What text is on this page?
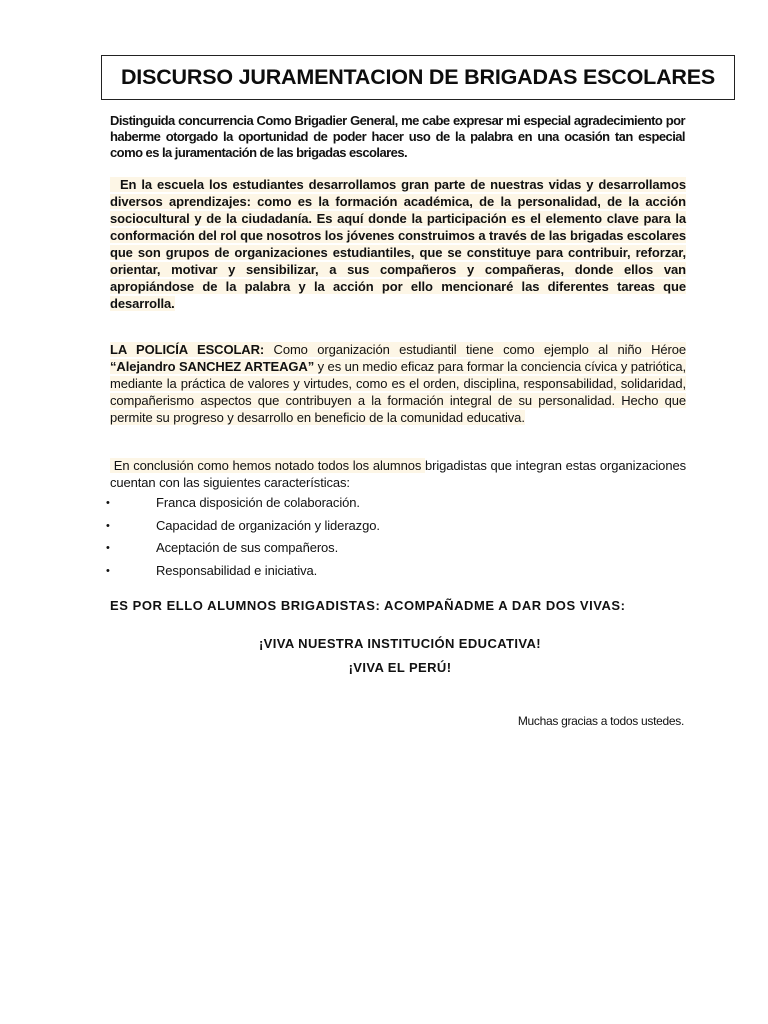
DISCURSO JURAMENTACION DE BRIGADAS ESCOLARES
Distinguida concurrencia Como Brigadier General, me cabe expresar mi especial agradecimiento por haberme otorgado la oportunidad de poder hacer uso de la palabra en una ocasión tan especial como es la juramentación de las brigadas escolares.
En la escuela los estudiantes desarrollamos gran parte de nuestras vidas y desarrollamos diversos aprendizajes: como es la formación académica, de la personalidad, de la acción sociocultural y de la ciudadanía. Es aquí donde la participación es el elemento clave para la conformación del rol que nosotros los jóvenes construimos a través de las brigadas escolares que son grupos de organizaciones estudiantiles, que se constituye para contribuir, reforzar, orientar, motivar y sensibilizar, a sus compañeros y compañeras, donde ellos van apropiándose de la palabra y la acción por ello mencionaré las diferentes tareas que desarrolla.
LA POLICÍA ESCOLAR: Como organización estudiantil tiene como ejemplo al niño Héroe “Alejandro SANCHEZ ARTEAGA” y es un medio eficaz para formar la conciencia cívica y patriótica, mediante la práctica de valores y virtudes, como es el orden, disciplina, responsabilidad, solidaridad, compañerismo aspectos que contribuyen a la formación integral de su personalidad. Hecho que permite su progreso y desarrollo en beneficio de la comunidad educativa.
En conclusión como hemos notado todos los alumnos brigadistas que integran estas organizaciones cuentan con las siguientes características:
•	Franca disposición de colaboración.
•	Capacidad de organización y liderazgo.
•	Aceptación de sus compañeros.
•	Responsabilidad e iniciativa.
ES POR ELLO ALUMNOS BRIGADISTAS: ACOMPAÑADME A DAR DOS VIVAS:
¡VIVA NUESTRA INSTITUCIÓN EDUCATIVA!
¡VIVA EL PERÚ!
Muchas gracias a todos ustedes.
